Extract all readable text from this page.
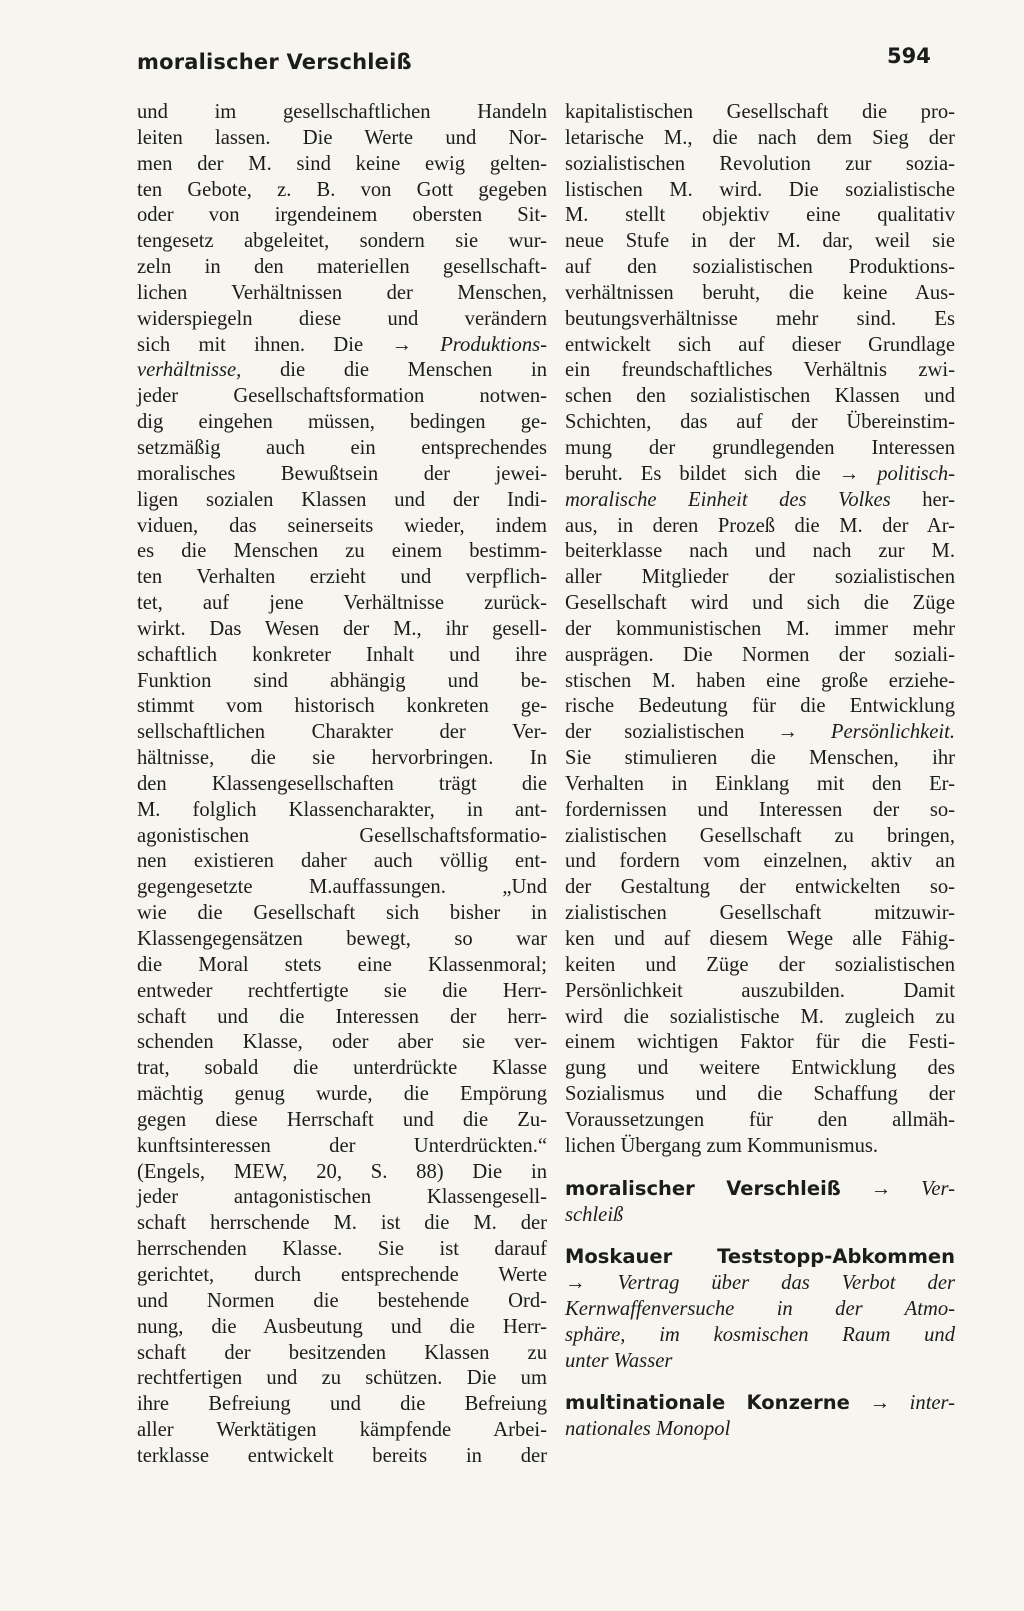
moralischer Verschleiß	594
und im gesellschaftlichen Handeln
leiten lassen. Die Werte und Nor-
men der M. sind keine ewig gelten-
ten Gebote, z. B. von Gott gegeben
oder von irgendeinem obersten Sit-
tengesetz abgeleitet, sondern sie wur-
zeln in den materiellen gesellschaft-
lichen Verhältnissen der Menschen,
widerspiegeln diese und verändern
sich mit ihnen. Die → Produktions-
verhältnisse, die die Menschen in
jeder Gesellschaftsformation notwen-
dig eingehen müssen, bedingen ge-
setzmäßig auch ein entsprechendes
moralisches Bewußtsein der jewei-
ligen sozialen Klassen und der Indi-
viduen, das seinerseits wieder, indem
es die Menschen zu einem bestimm-
ten Verhalten erzieht und verpflich-
tet, auf jene Verhältnisse zurück-
wirkt. Das Wesen der M., ihr gesell-
schaftlich konkreter Inhalt und ihre
Funktion sind abhängig und be-
stimmt vom historisch konkreten ge-
sellschaftlichen Charakter der Ver-
hältnisse, die sie hervorbringen. In
den Klassengesellschaften trägt die
M. folglich Klassencharakter, in ant-
agonistischen Gesellschaftsformatio-
nen existieren daher auch völlig ent-
gegengesetzte M.auffassungen. „Und
wie die Gesellschaft sich bisher in
Klassengegensätzen bewegt, so war
die Moral stets eine Klassenmoral;
entweder rechtfertigte sie die Herr-
schaft und die Interessen der herr-
schenden Klasse, oder aber sie ver-
trat, sobald die unterdrückte Klasse
mächtig genug wurde, die Empörung
gegen diese Herrschaft und die Zu-
kunftsinteressen der Unterdrückten.“
(Engels, MEW, 20, S. 88) Die in
jeder antagonistischen Klassengesell-
schaft herrschende M. ist die M. der
herrschenden Klasse. Sie ist darauf
gerichtet, durch entsprechende Werte
und Normen die bestehende Ord-
nung, die Ausbeutung und die Herr-
schaft der besitzenden Klassen zu
rechtfertigen und zu schützen. Die um
ihre Befreiung und die Befreiung
aller Werktätigen kämpfende Arbei-
terklasse entwickelt bereits in der
kapitalistischen Gesellschaft die pro-
letarische M., die nach dem Sieg der
sozialistischen Revolution zur sozia-
listischen M. wird. Die sozialistische
M. stellt objektiv eine qualitativ
neue Stufe in der M. dar, weil sie
auf den sozialistischen Produktions-
verhältnissen beruht, die keine Aus-
beutungsverhältnisse mehr sind. Es
entwickelt sich auf dieser Grundlage
ein freundschaftliches Verhältnis zwi-
schen den sozialistischen Klassen und
Schichten, das auf der Übereinstim-
mung der grundlegenden Interessen
beruht. Es bildet sich die → politisch-
moralische Einheit des Volkes her-
aus, in deren Prozeß die M. der Ar-
beiterklasse nach und nach zur M.
aller Mitglieder der sozialistischen
Gesellschaft wird und sich die Züge
der kommunistischen M. immer mehr
ausprägen. Die Normen der soziali-
stischen M. haben eine große erziehe-
rische Bedeutung für die Entwicklung
der sozialistischen → Persönlichkeit.
Sie stimulieren die Menschen, ihr
Verhalten in Einklang mit den Er-
fordernissen und Interessen der so-
zialistischen Gesellschaft zu bringen,
und fordern vom einzelnen, aktiv an
der Gestaltung der entwickelten so-
zialistischen Gesellschaft mitzuwir-
ken und auf diesem Wege alle Fähig-
keiten und Züge der sozialistischen
Persönlichkeit auszubilden. Damit
wird die sozialistische M. zugleich zu
einem wichtigen Faktor für die Festi-
gung und weitere Entwicklung des
Sozialismus und die Schaffung der
Voraussetzungen für den allmäh-
lichen Übergang zum Kommunismus.
moralischer Verschleiß → Ver-
schleiß
Moskauer Teststopp-Abkommen
→ Vertrag über das Verbot der
Kernwaffenversuche in der Atmo-
sphäre, im kosmischen Raum und
unter Wasser
multinationale Konzerne → inter-
nationales Monopol
